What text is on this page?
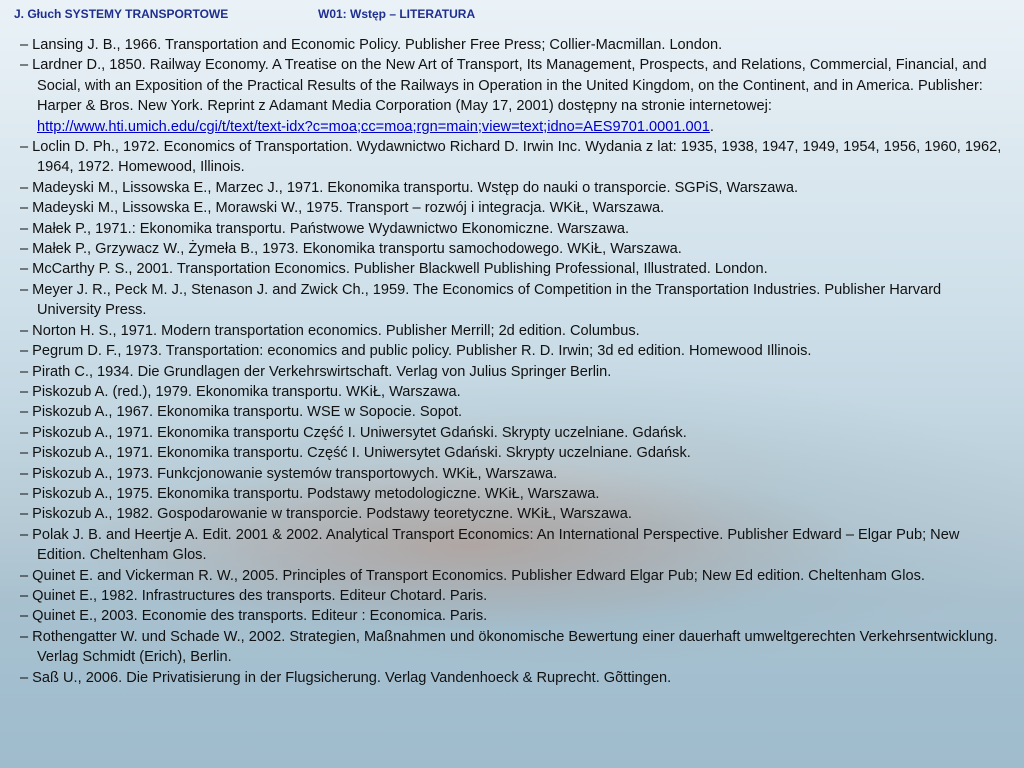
J. Głuch SYSTEMY TRANSPORTOWE	W01: Wstęp – LITERATURA
– Lansing J. B., 1966. Transportation and Economic Policy. Publisher Free Press; Collier-Macmillan. London.
– Lardner D., 1850. Railway Economy. A Treatise on the New Art of Transport, Its Management, Prospects, and Relations, Commercial, Financial, and Social, with an Exposition of the Practical Results of the Railways in Operation in the United Kingdom, on the Continent, and in America. Publisher: Harper & Bros. New York. Reprint z Adamant Media Corporation (May 17, 2001) dostępny na stronie internetowej: http://www.hti.umich.edu/cgi/t/text/text-idx?c=moa;cc=moa;rgn=main;view=text;idno=AES9701.0001.001.
– Loclin D. Ph., 1972. Economics of Transportation. Wydawnictwo Richard D. Irwin Inc. Wydania z lat: 1935, 1938, 1947, 1949, 1954, 1956, 1960, 1962, 1964, 1972. Homewood, Illinois.
– Madeyski M., Lissowska E., Marzec J., 1971. Ekonomika transportu. Wstęp do nauki o transporcie. SGPiS, Warszawa.
– Madeyski M., Lissowska E., Morawski W., 1975. Transport – rozwój i integracja. WKiŁ, Warszawa.
– Małek P., 1971.: Ekonomika transportu. Państwowe Wydawnictwo Ekonomiczne. Warszawa.
– Małek P., Grzywacz W., Żymeła B., 1973. Ekonomika transportu samochodowego. WKiŁ, Warszawa.
– McCarthy P. S., 2001. Transportation Economics. Publisher Blackwell Publishing Professional, Illustrated. London.
– Meyer J. R., Peck M. J., Stenason J. and Zwick Ch., 1959. The Economics of Competition in the Transportation Industries. Publisher Harvard University Press.
– Norton H. S., 1971. Modern transportation economics. Publisher Merrill; 2d edition. Columbus.
– Pegrum D. F., 1973. Transportation: economics and public policy. Publisher R. D. Irwin; 3d ed edition. Homewood Illinois.
– Pirath C., 1934. Die Grundlagen der Verkehrswirtschaft. Verlag von Julius Springer Berlin.
– Piskozub A. (red.), 1979. Ekonomika transportu. WKiŁ, Warszawa.
– Piskozub A., 1967. Ekonomika transportu. WSE w Sopocie. Sopot.
– Piskozub A., 1971. Ekonomika transportu Część I. Uniwersytet Gdański. Skrypty uczelniane. Gdańsk.
– Piskozub A., 1971. Ekonomika transportu. Część I. Uniwersytet Gdański. Skrypty uczelniane. Gdańsk.
– Piskozub A., 1973. Funkcjonowanie systemów transportowych. WKiŁ, Warszawa.
– Piskozub A., 1975. Ekonomika transportu. Podstawy metodologiczne. WKiŁ, Warszawa.
– Piskozub A., 1982. Gospodarowanie w transporcie. Podstawy teoretyczne. WKiŁ, Warszawa.
– Polak J. B. and Heertje A. Edit. 2001 & 2002. Analytical Transport Economics: An International Perspective. Publisher Edward – Elgar Pub; New Edition. Cheltenham Glos.
– Quinet E. and Vickerman R. W., 2005. Principles of Transport Economics. Publisher Edward Elgar Pub; New Ed edition. Cheltenham Glos.
– Quinet E., 1982. Infrastructures des transports. Editeur Chotard. Paris.
– Quinet E., 2003. Economie des transports. Editeur : Economica. Paris.
– Rothengatter W. und Schade W., 2002. Strategien, Maßnahmen und ökonomische Bewertung einer dauerhaft umweltgerechten Verkehrsentwicklung. Verlag Schmidt (Erich), Berlin.
– Saß U., 2006. Die Privatisierung in der Flugsicherung. Verlag Vandenhoeck & Ruprecht. Gõttingen.
